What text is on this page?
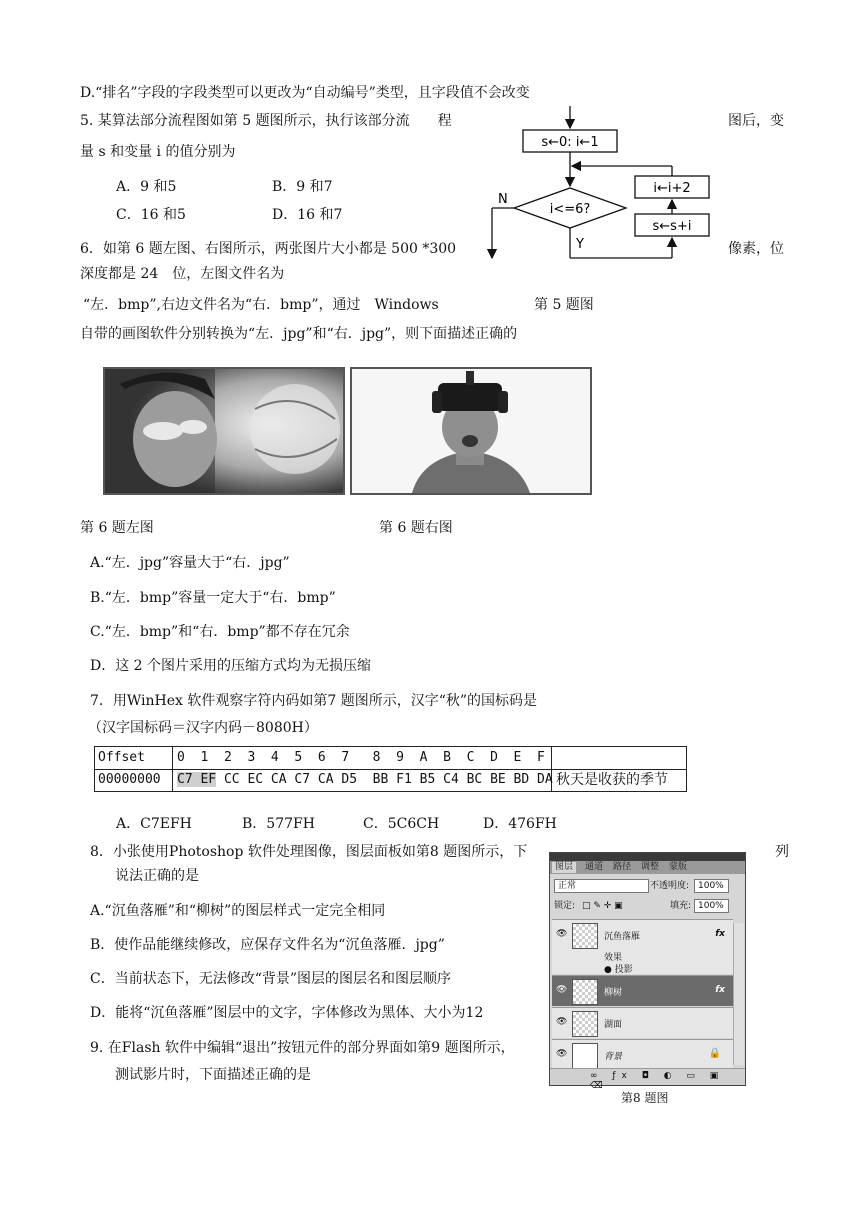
D.“排名”字段的字段类型可以更改为“自动编号”类型，且字段值不会改变
5. 某算法部分流程图如第 5 题图所示，执行该部分流　　程	图后，变
量 s 和变量 i 的值分别为
A．9 和5	B．9 和7
C．16 和5	D．16 和7
s←0: i←1
i<=6?
N
Y
i←i+2
s←s+i
6．如第 6 题左图、右图所示，两张图片大小都是 500 *300	像素，位
深度都是 24　位，左图文件名为
“左．bmp”,右边文件名为“右．bmp”，通过　Windows	第 5 题图
自带的画图软件分别转换为“左．jpg”和“右．jpg”，则下面描述正确的
第 6 题左图	第 6 题右图
A.“左．jpg”容量大于“右．jpg”
B.“左．bmp”容量一定大于“右．bmp”
C.“左．bmp”和“右．bmp”都不存在冗余
D．这 2 个图片采用的压缩方式均为无损压缩
7．用WinHex 软件观察字符内码如第7 题图所示，汉字“秋”的国标码是
（汉字国标码＝汉字内码－8080H）
Offset	0  1  2  3  4  5  6  7   8  9  A  B  C  D  E  F
00000000	C7 EF CC EC CA C7 CA D5  BB F1 B5 C4 BC BE BD DA 秋天是收获的季节
A．C7EFH	B．577FH	C．5C6CH	D．476FH
8．小张使用Photoshop 软件处理图像，图层面板如第8 题图所示，下	列
说法正确的是
A.“沉鱼落雁”和“柳树”的图层样式一定完全相同
B．使作品能继续修改，应保存文件名为“沉鱼落雁．jpg”
C．当前状态下，无法修改“背景”图层的图层名和图层顺序
D．能将“沉鱼落雁”图层中的文字，字体修改为黑体、大小为12
图层	通道	路径	调整	蒙版
正常	不透明度: 100%
锁定: □ ✎ ✛ ▣	填充: 100%
👁	沉鱼落雁	fx
效果
● 投影
👁	柳树	fx
👁	湖面
👁	背景	🔒
∞ ƒx ◘ ◐ ▭ ▣ ⌫
第8 题图
9. 在Flash 软件中编辑“退出”按钮元件的部分界面如第9 题图所示，
测试影片时，下面描述正确的是
